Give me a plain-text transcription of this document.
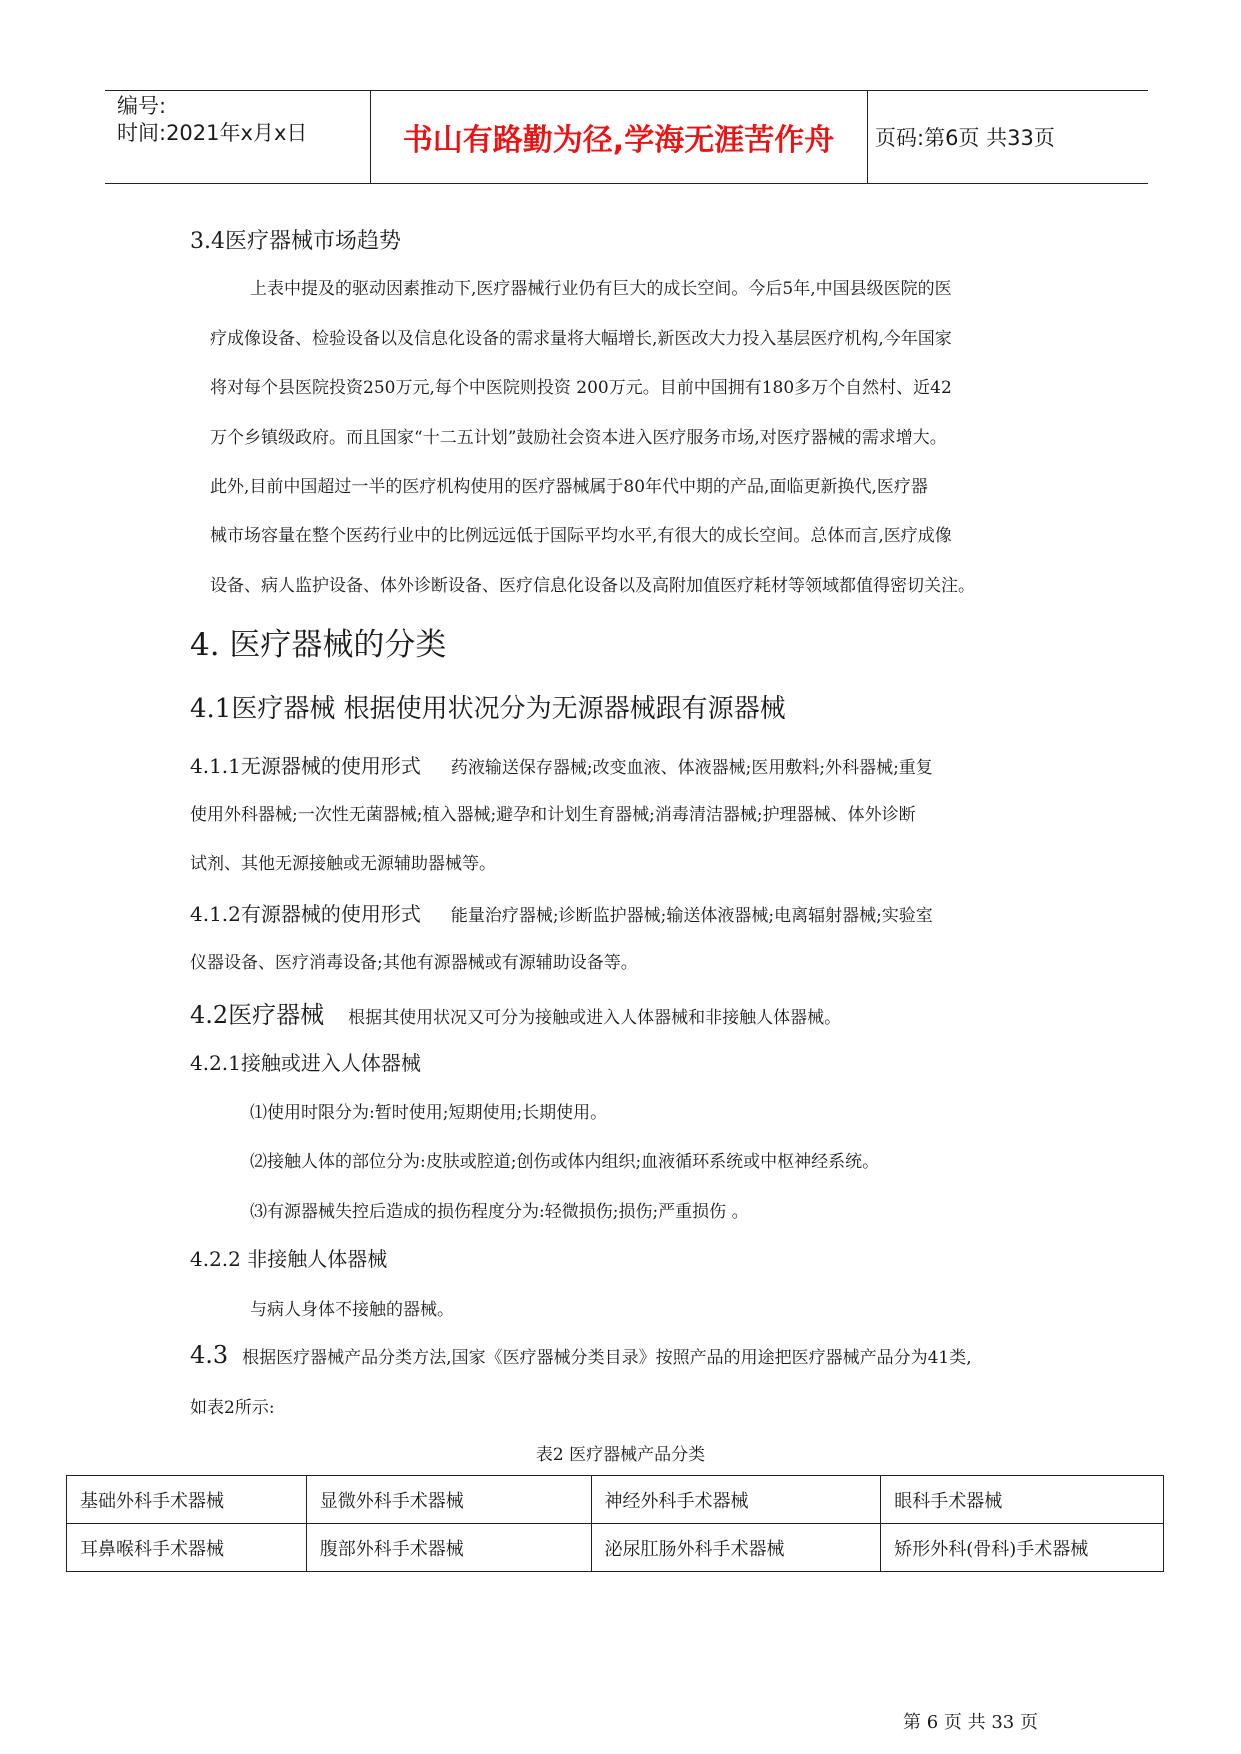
编号:
时间:2021年x月x日	书山有路勤为径,学海无涯苦作舟	页码:第6页 共33页
3.4医疗器械市场趋势
上表中提及的驱动因素推动下,医疗器械行业仍有巨大的成长空间。今后5年,中国县级医院的医
疗成像设备、检验设备以及信息化设备的需求量将大幅增长,新医改大力投入基层医疗机构,今年国家
将对每个县医院投资250万元,每个中医院则投资 200万元。目前中国拥有180多万个自然村、近42
万个乡镇级政府。而且国家“十二五计划”鼓励社会资本进入医疗服务市场,对医疗器械的需求增大。
此外,目前中国超过一半的医疗机构使用的医疗器械属于80年代中期的产品,面临更新换代,医疗器
械市场容量在整个医药行业中的比例远远低于国际平均水平,有很大的成长空间。总体而言,医疗成像
设备、病人监护设备、体外诊断设备、医疗信息化设备以及高附加值医疗耗材等领域都值得密切关注。
4. 医疗器械的分类
4.1医疗器械 根据使用状况分为无源器械跟有源器械
4.1.1无源器械的使用形式 药液输送保存器械;改变血液、体液器械;医用敷料;外科器械;重复
使用外科器械;一次性无菌器械;植入器械;避孕和计划生育器械;消毒清洁器械;护理器械、体外诊断
试剂、其他无源接触或无源辅助器械等。
4.1.2有源器械的使用形式 能量治疗器械;诊断监护器械;输送体液器械;电离辐射器械;实验室
仪器设备、医疗消毒设备;其他有源器械或有源辅助设备等。
4.2医疗器械 根据其使用状况又可分为接触或进入人体器械和非接触人体器械。
4.2.1接触或进入人体器械
⑴使用时限分为:暂时使用;短期使用;长期使用。
⑵接触人体的部位分为:皮肤或腔道;创伤或体内组织;血液循环系统或中枢神经系统。
⑶有源器械失控后造成的损伤程度分为:轻微损伤;损伤;严重损伤 。
4.2.2 非接触人体器械
与病人身体不接触的器械。
4.3 根据医疗器械产品分类方法,国家《医疗器械分类目录》按照产品的用途把医疗器械产品分为41类,
如表2所示:
表2 医疗器械产品分类
基础外科手术器械	显微外科手术器械	神经外科手术器械	眼科手术器械
耳鼻喉科手术器械	腹部外科手术器械	泌尿肛肠外科手术器械	矫形外科(骨科)手术器械
第 6 页 共 33 页
